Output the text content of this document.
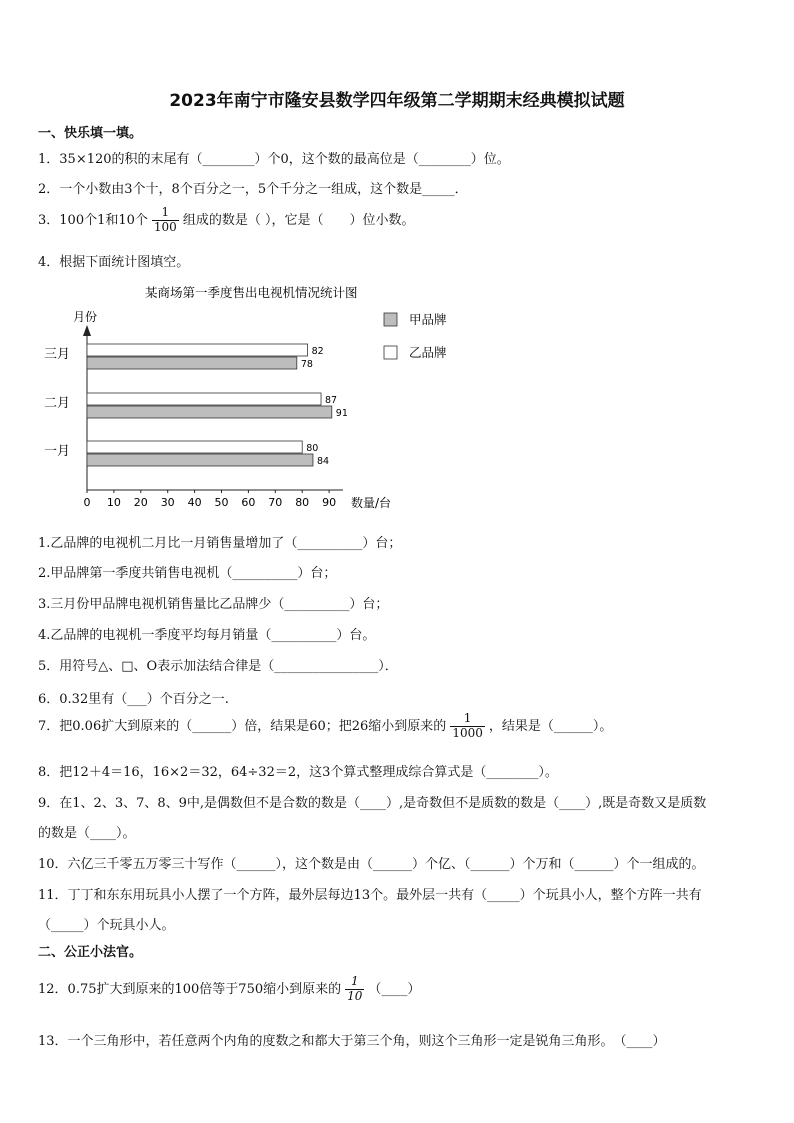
2023年南宁市隆安县数学四年级第二学期期末经典模拟试题
一、快乐填一填。
1．35×120的积的末尾有（________）个0，这个数的最高位是（________）位。
2．一个小数由3个十，8个百分之一，5个千分之一组成，这个数是_____．
3．100个1和10个 $\frac{1}{100}$ 组成的数是（ ），它是（　　）位小数。
4．根据下面统计图填空。
某商场第一季度售出电视机情况统计图
月份
数量/台
0 10 20 30 40 50 60 70 80 90
82
78
87
91
80
84
三月
二月
一月
甲品牌
乙品牌
1.乙品牌的电视机二月比一月销售量增加了（__________）台；
2.甲品牌第一季度共销售电视机（__________）台；
3.三月份甲品牌电视机销售量比乙品牌少（__________）台；
4.乙品牌的电视机一季度平均每月销量（__________）台。
5．用符号△、□、O表示加法结合律是（________________）．
6．0.32里有（___）个百分之一.
7．把0.06扩大到原来的（______）倍，结果是60；把26缩小到原来的 $\frac{1}{1000}$ ，结果是（______）。
8．把12＋4＝16，16×2＝32，64÷32＝2，这3个算式整理成综合算式是（________）。
9．在1、2、3、7、8、9中,是偶数但不是合数的数是（____）,是奇数但不是质数的数是（____）,既是奇数又是质数
的数是（____）。
10．六亿三千零五万零三十写作（______），这个数是由（______）个亿、（______）个万和（______）个一组成的。
11．丁丁和东东用玩具小人摆了一个方阵，最外层每边13个。最外层一共有（_____）个玩具小人，整个方阵一共有
（_____）个玩具小人。
二、公正小法官。
12．0.75扩大到原来的100倍等于750缩小到原来的 $\frac{1}{10}$ （____）
13．一个三角形中，若任意两个内角的度数之和都大于第三个角，则这个三角形一定是锐角三角形。　（____）
